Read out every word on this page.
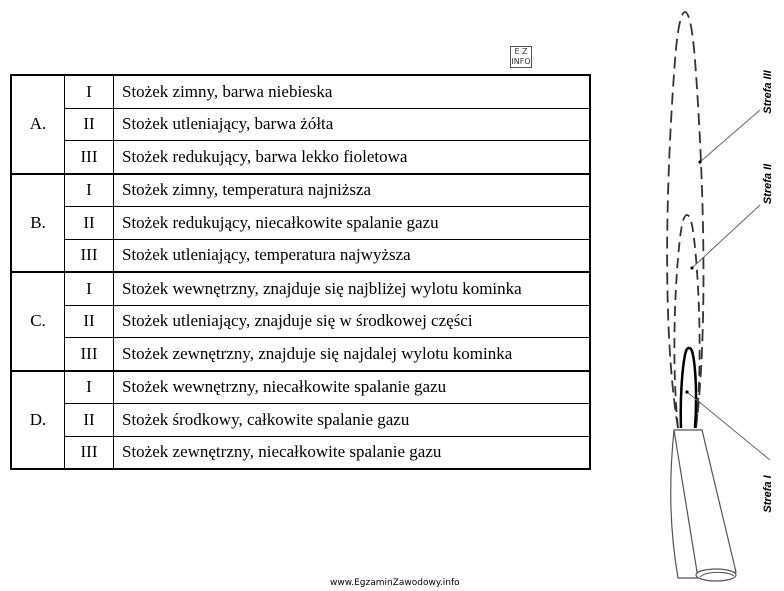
E Z
INFO
A.	I	Stożek zimny, barwa niebieska
	II	Stożek utleniający, barwa żółta
	III	Stożek redukujący, barwa lekko fioletowa
B.	I	Stożek zimny, temperatura najniższa
	II	Stożek redukujący, niecałkowite spalanie gazu
	III	Stożek utleniający, temperatura najwyższa
C.	I	Stożek wewnętrzny, znajduje się najbliżej wylotu kominka
	II	Stożek utleniający, znajduje się w środkowej części
	III	Stożek zewnętrzny, znajduje się najdalej wylotu kominka
D.	I	Stożek wewnętrzny, niecałkowite spalanie gazu
	II	Stożek środkowy, całkowite spalanie gazu
	III	Stożek zewnętrzny, niecałkowite spalanie gazu
Strefa III
Strefa II
Strefa I
www.EgzaminZawodowy.info
